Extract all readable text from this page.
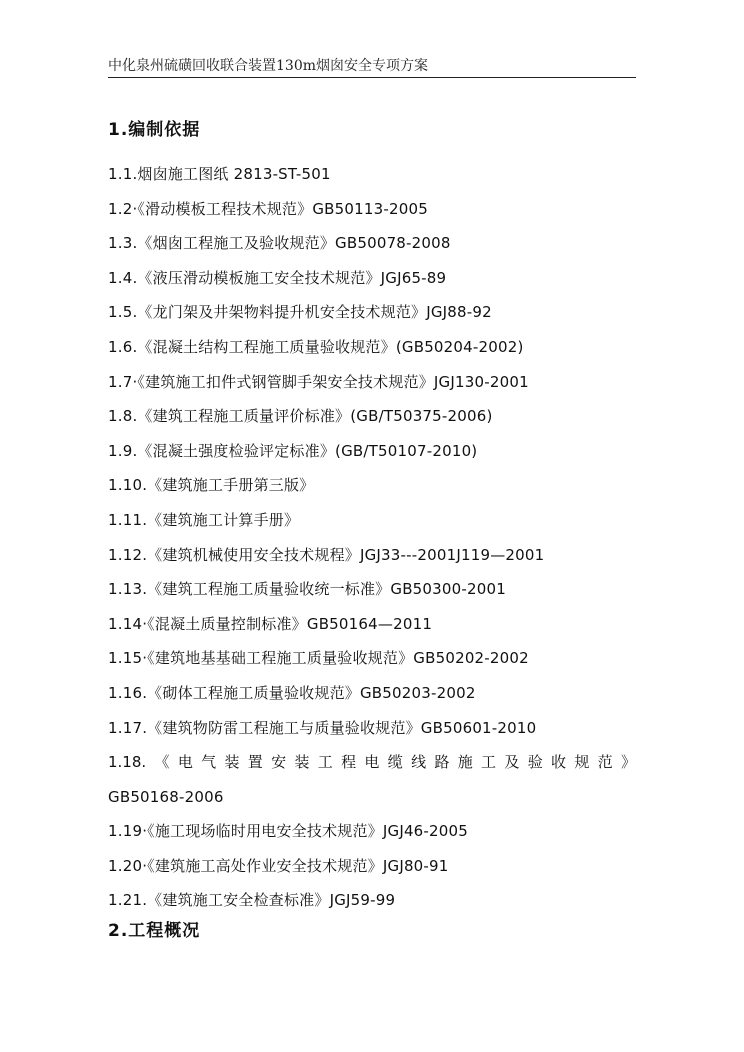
中化泉州硫磺回收联合装置130m烟囱安全专项方案
1.编制依据
1.1.烟囱施工图纸 2813-ST-501
1.2·《滑动模板工程技术规范》GB50113-2005
1.3.《烟囱工程施工及验收规范》GB50078-2008
1.4.《液压滑动模板施工安全技术规范》JGJ65-89
1.5.《龙门架及井架物料提升机安全技术规范》JGJ88-92
1.6.《混凝土结构工程施工质量验收规范》(GB50204-2002)
1.7·《建筑施工扣件式钢管脚手架安全技术规范》JGJ130-2001
1.8.《建筑工程施工质量评价标准》(GB/T50375-2006)
1.9.《混凝土强度检验评定标准》(GB/T50107-2010)
1.10.《建筑施工手册第三版》
1.11.《建筑施工计算手册》
1.12.《建筑机械使用安全技术规程》JGJ33---2001J119—2001
1.13.《建筑工程施工质量验收统一标准》GB50300-2001
1.14·《混凝土质量控制标准》GB50164—2011
1.15·《建筑地基基础工程施工质量验收规范》GB50202-2002
1.16.《砌体工程施工质量验收规范》GB50203-2002
1.17.《建筑物防雷工程施工与质量验收规范》GB50601-2010
1.18.《电气装置安装工程电缆线路施工及验收规范》
GB50168-2006
1.19·《施工现场临时用电安全技术规范》JGJ46-2005
1.20·《建筑施工高处作业安全技术规范》JGJ80-91
1.21.《建筑施工安全检查标准》JGJ59-99
2.工程概况
